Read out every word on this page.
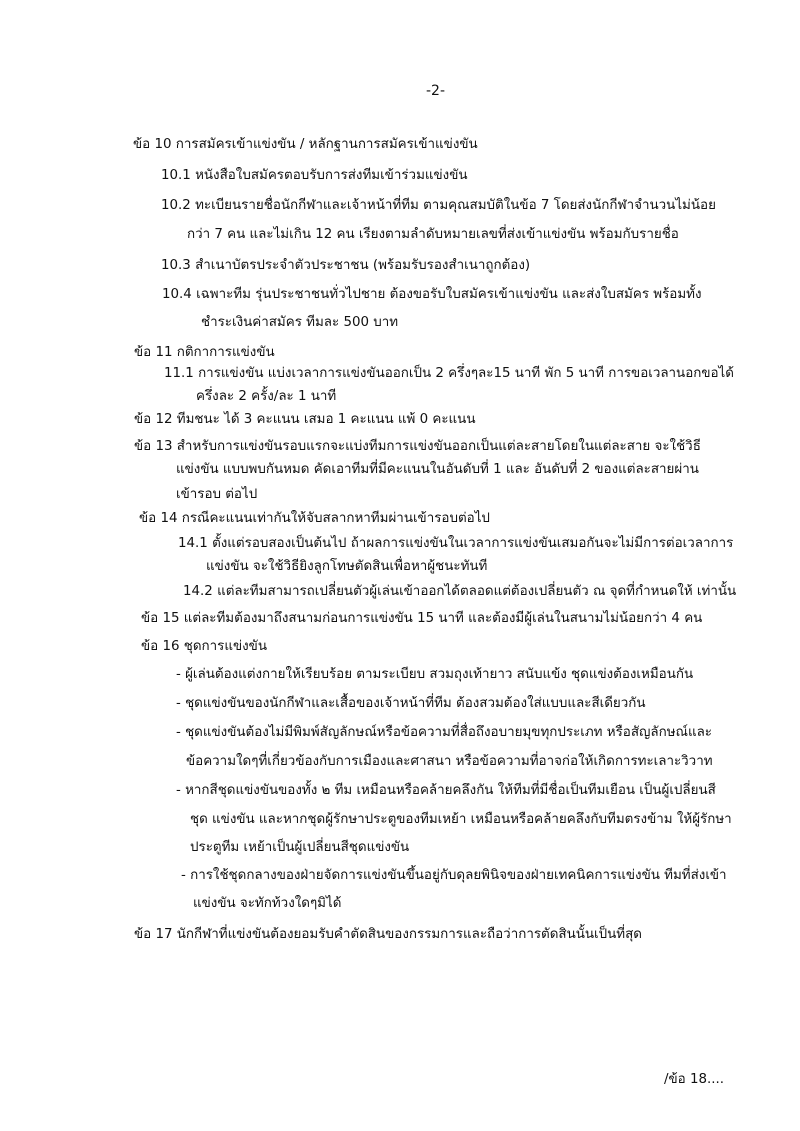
-2-
ข้อ 10 การสมัครเข้าแข่งขัน / หลักฐานการสมัครเข้าแข่งขัน
10.1 หนังสือใบสมัครตอบรับการส่งทีมเข้าร่วมแข่งขัน
10.2 ทะเบียนรายชื่อนักกีฬาและเจ้าหน้าที่ทีม ตามคุณสมบัติในข้อ 7 โดยส่งนักกีฬาจำนวนไม่น้อย
กว่า 7 คน และไม่เกิน 12 คน เรียงตามลำดับหมายเลขที่ส่งเข้าแข่งขัน พร้อมกับรายชื่อ
10.3 สำเนาบัตรประจำตัวประชาชน (พร้อมรับรองสำเนาถูกต้อง)
10.4 เฉพาะทีม รุ่นประชาชนทั่วไปชาย ต้องขอรับใบสมัครเข้าแข่งขัน และส่งใบสมัคร พร้อมทั้ง
ชำระเงินค่าสมัคร ทีมละ 500 บาท
ข้อ 11 กติกาการแข่งขัน
11.1 การแข่งขัน แบ่งเวลาการแข่งขันออกเป็น 2 ครึ่งๆละ15 นาที พัก 5 นาที การขอเวลานอกขอได้
ครึ่งละ 2 ครั้ง/ละ 1 นาที
ข้อ 12 ทีมชนะ ได้ 3 คะแนน เสมอ 1 คะแนน แพ้ 0 คะแนน
ข้อ 13 สำหรับการแข่งขันรอบแรกจะแบ่งทีมการแข่งขันออกเป็นแต่ละสายโดยในแต่ละสาย จะใช้วิธี
แข่งขัน แบบพบกันหมด คัดเอาทีมที่มีคะแนนในอันดับที่ 1 และ อันดับที่ 2 ของแต่ละสายผ่าน
เข้ารอบ ต่อไป
ข้อ 14 กรณีคะแนนเท่ากันให้จับสลากหาทีมผ่านเข้ารอบต่อไป
14.1 ตั้งแต่รอบสองเป็นต้นไป ถ้าผลการแข่งขันในเวลาการแข่งขันเสมอกันจะไม่มีการต่อเวลาการ
แข่งขัน จะใช้วิธียิงลูกโทษตัดสินเพื่อหาผู้ชนะทันที
14.2 แต่ละทีมสามารถเปลี่ยนตัวผู้เล่นเข้าออกได้ตลอดแต่ต้องเปลี่ยนตัว ณ จุดที่กำหนดให้ เท่านั้น
ข้อ 15 แต่ละทีมต้องมาถึงสนามก่อนการแข่งขัน 15 นาที และต้องมีผู้เล่นในสนามไม่น้อยกว่า 4 คน
ข้อ 16 ชุดการแข่งขัน
- ผู้เล่นต้องแต่งกายให้เรียบร้อย ตามระเบียบ สวมถุงเท้ายาว สนับแข้ง ชุดแข่งต้องเหมือนกัน
- ชุดแข่งขันของนักกีฬาและเสื้อของเจ้าหน้าที่ทีม ต้องสวมต้องใส่แบบและสีเดียวกัน
- ชุดแข่งขันต้องไม่มีพิมพ์สัญลักษณ์หรือข้อความที่สื่อถึงอบายมุขทุกประเภท หรือสัญลักษณ์และ
ข้อความใดๆที่เกี่ยวข้องกับการเมืองและศาสนา หรือข้อความที่อาจก่อให้เกิดการทะเลาะวิวาท
- หากสีชุดแข่งขันของทั้ง ๒ ทีม เหมือนหรือคล้ายคลึงกัน ให้ทีมที่มีชื่อเป็นทีมเยือน เป็นผู้เปลี่ยนสี
ชุด แข่งขัน และหากชุดผู้รักษาประตูของทีมเหย้า เหมือนหรือคล้ายคลึงกับทีมตรงข้าม ให้ผู้รักษา
ประตูทีม เหย้าเป็นผู้เปลี่ยนสีชุดแข่งขัน
- การใช้ชุดกลางของฝ่ายจัดการแข่งขันขึ้นอยู่กับดุลยพินิจของฝ่ายเทคนิคการแข่งขัน ทีมที่ส่งเข้า
แข่งขัน จะทักท้วงใดๆมิได้
ข้อ 17 นักกีฬาที่แข่งขันต้องยอมรับคำตัดสินของกรรมการและถือว่าการตัดสินนั้นเป็นที่สุด
/ข้อ 18....
